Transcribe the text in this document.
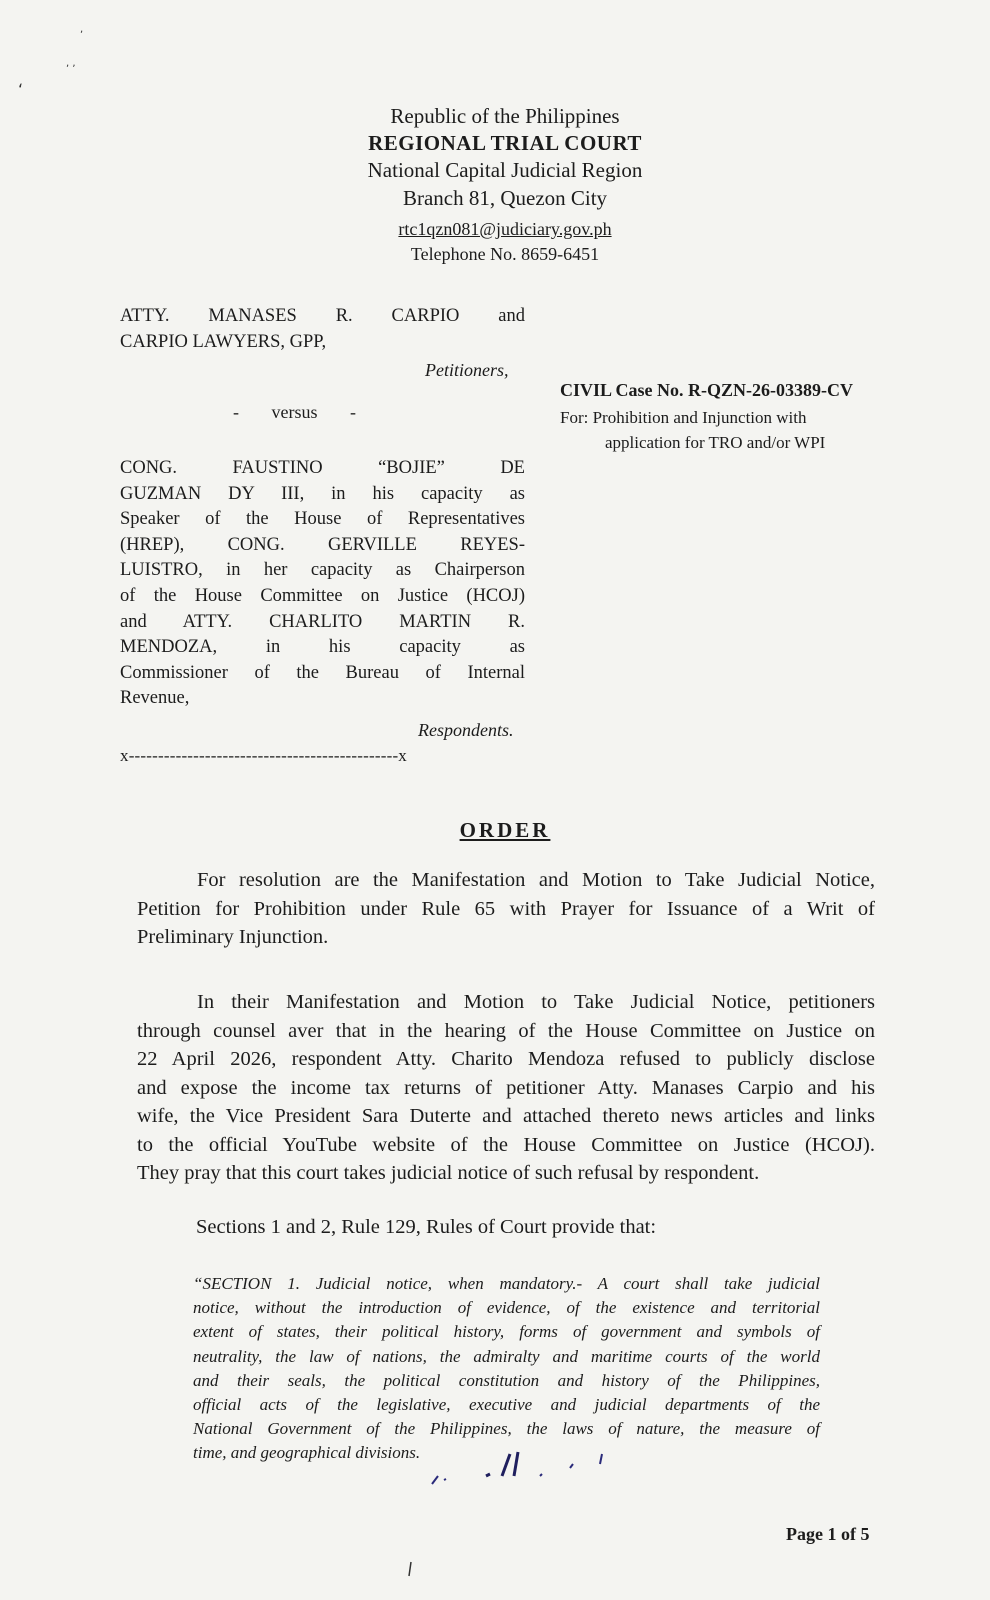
‘
, ,
,
Republic of the Philippines
REGIONAL TRIAL COURT
National Capital Judicial Region
Branch 81, Quezon City
rtc1qzn081@judiciary.gov.ph
Telephone No. 8659-6451
ATTY. MANASES R. CARPIO and
CARPIO LAWYERS, GPP,
Petitioners,
- versus -
CIVIL Case No. R-QZN-26-03389-CV
For: Prohibition and Injunction with
application for TRO and/or WPI
CONG. FAUSTINO “BOJIE” DE
GUZMAN DY III, in his capacity as
Speaker of the House of Representatives
(HREP), CONG. GERVILLE REYES-
LUISTRO, in her capacity as Chairperson
of the House Committee on Justice (HCOJ)
and ATTY. CHARLITO MARTIN R.
MENDOZA, in his capacity as
Commissioner of the Bureau of Internal
Revenue,
Respondents.
x----------------------------------------------x
ORDER
For resolution are the Manifestation and Motion to Take Judicial Notice,
Petition for Prohibition under Rule 65 with Prayer for Issuance of a Writ of
Preliminary Injunction.
In their Manifestation and Motion to Take Judicial Notice, petitioners
through counsel aver that in the hearing of the House Committee on Justice on
22 April 2026, respondent Atty. Charito Mendoza refused to publicly disclose
and expose the income tax returns of petitioner Atty. Manases Carpio and his
wife, the Vice President Sara Duterte and attached thereto news articles and links
to the official YouTube website of the House Committee on Justice (HCOJ).
They pray that this court takes judicial notice of such refusal by respondent.
Sections 1 and 2, Rule 129, Rules of Court provide that:
“SECTION 1. Judicial notice, when mandatory.- A court shall take judicial
notice, without the introduction of evidence, of the existence and territorial
extent of states, their political history, forms of government and symbols of
neutrality, the law of nations, the admiralty and maritime courts of the world
and their seals, the political constitution and history of the Philippines,
official acts of the legislative, executive and judicial departments of the
National Government of the Philippines, the laws of nature, the measure of
time, and geographical divisions.
Page 1 of 5
